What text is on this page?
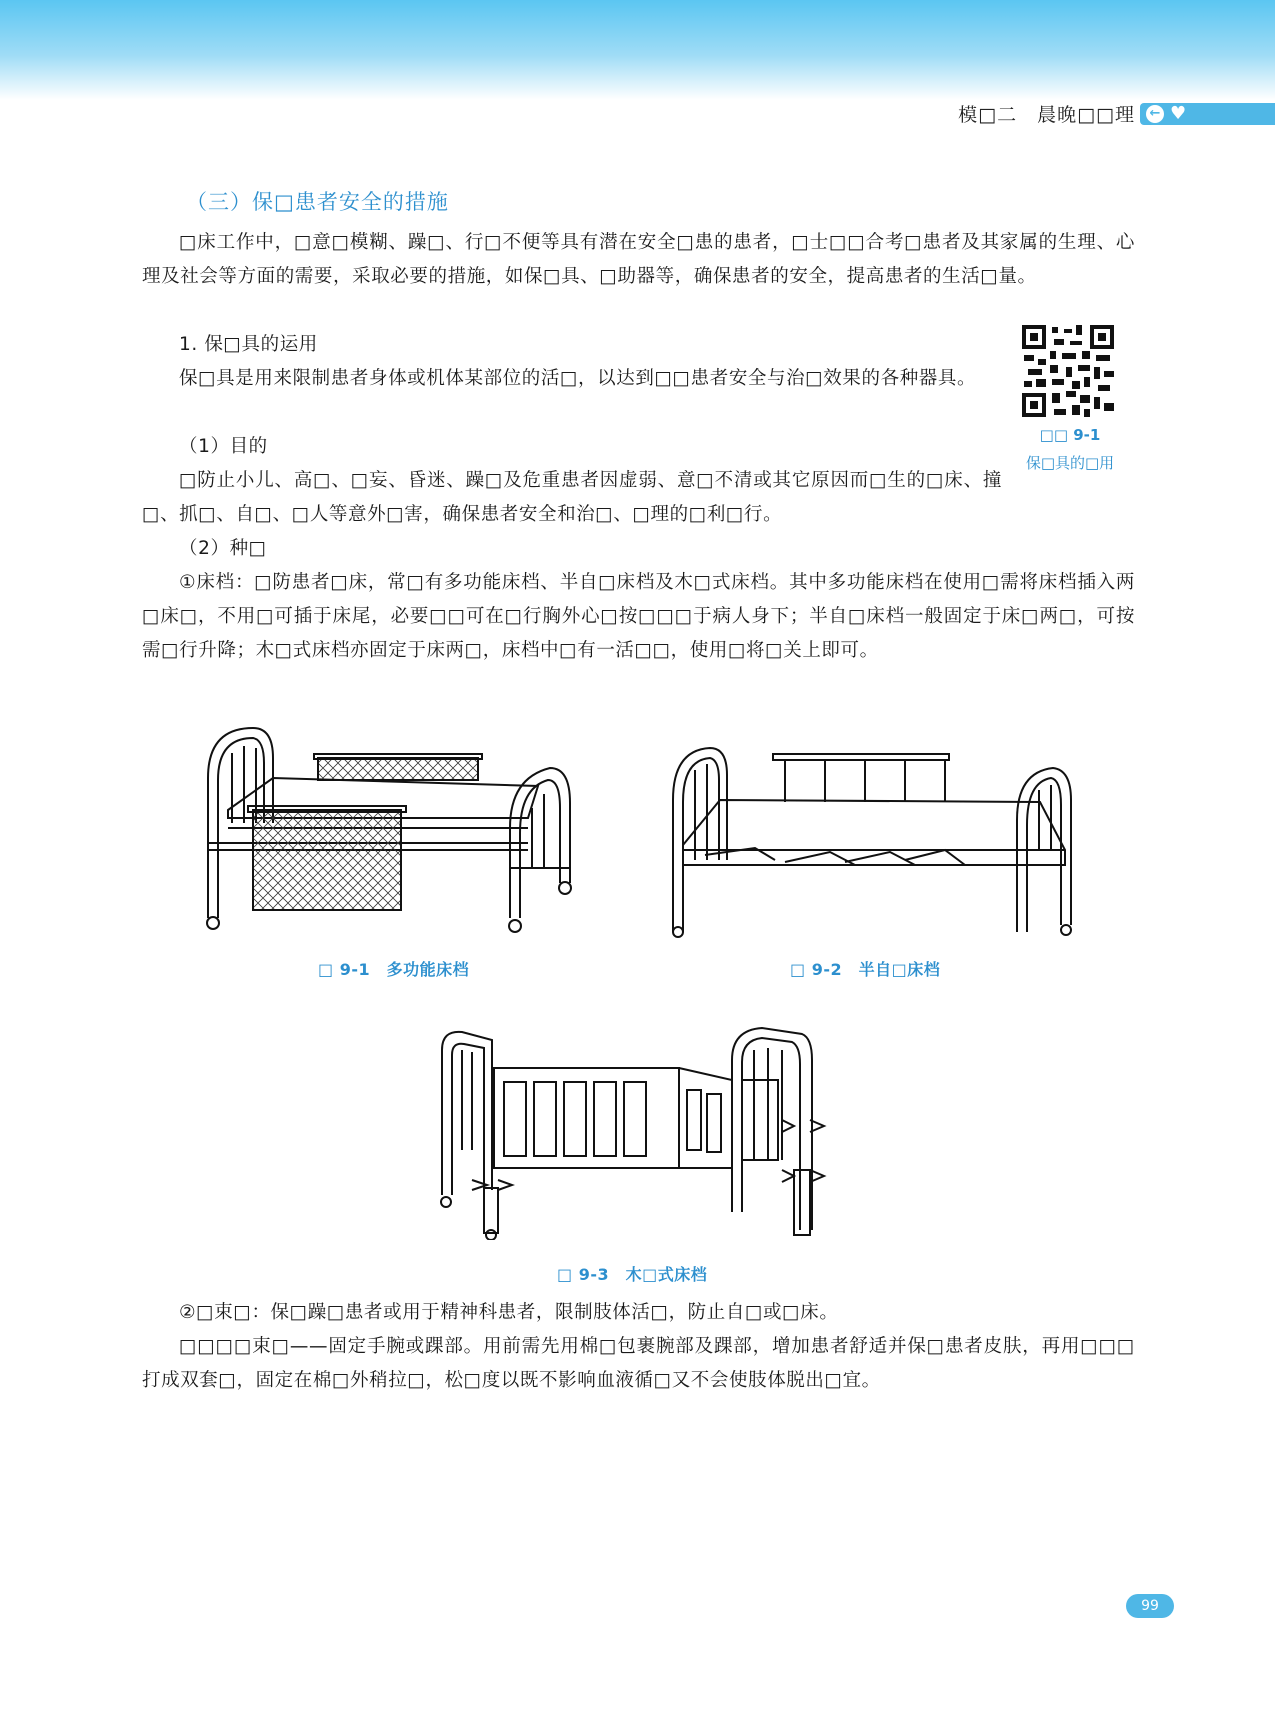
模□二　晨晚□□理 ← ♥
（三）保□患者安全的措施

□床工作中，□意□模糊、躁□、行□不便等具有潜在安全□患的患者，□士□□合考□患者及其家属的生理、心理及社会等方面的需要，采取必要的措施，如保□具、□助器等，确保患者的安全，提高患者的生活□量。

1. 保□具的运用

保□具是用来限制患者身体或机体某部位的活□，以达到□□患者安全与治□效果的各种器具。

（1）目的

□防止小儿、高□、□妄、昏迷、躁□及危重患者因虚弱、意□不清或其它原因而□生的□床、撞□、抓□、自□、□人等意外□害，确保患者安全和治□、□理的□利□行。

（2）种□

①床档：□防患者□床，常□有多功能床档、半自□床档及木□式床档。其中多功能床档在使用□需将床档插入两□床□，不用□可插于床尾，必要□□可在□行胸外心□按□□□于病人身下；半自□床档一般固定于床□两□，可按需□行升降；木□式床档亦固定于床两□，床档中□有一活□□，使用□将□关上即可。

□□ 9-1
保□具的□用
□ 9-1　多功能床档	□ 9-2　半自□床档
□ 9-3　木□式床档

②□束□：保□躁□患者或用于精神科患者，限制肢体活□，防止自□或□床。

□□□□束□——固定手腕或踝部。用前需先用棉□包裹腕部及踝部，增加患者舒适并保□患者皮肤，再用□□□打成双套□，固定在棉□外稍拉□，松□度以既不影响血液循□又不会使肢体脱出□宜。

99
